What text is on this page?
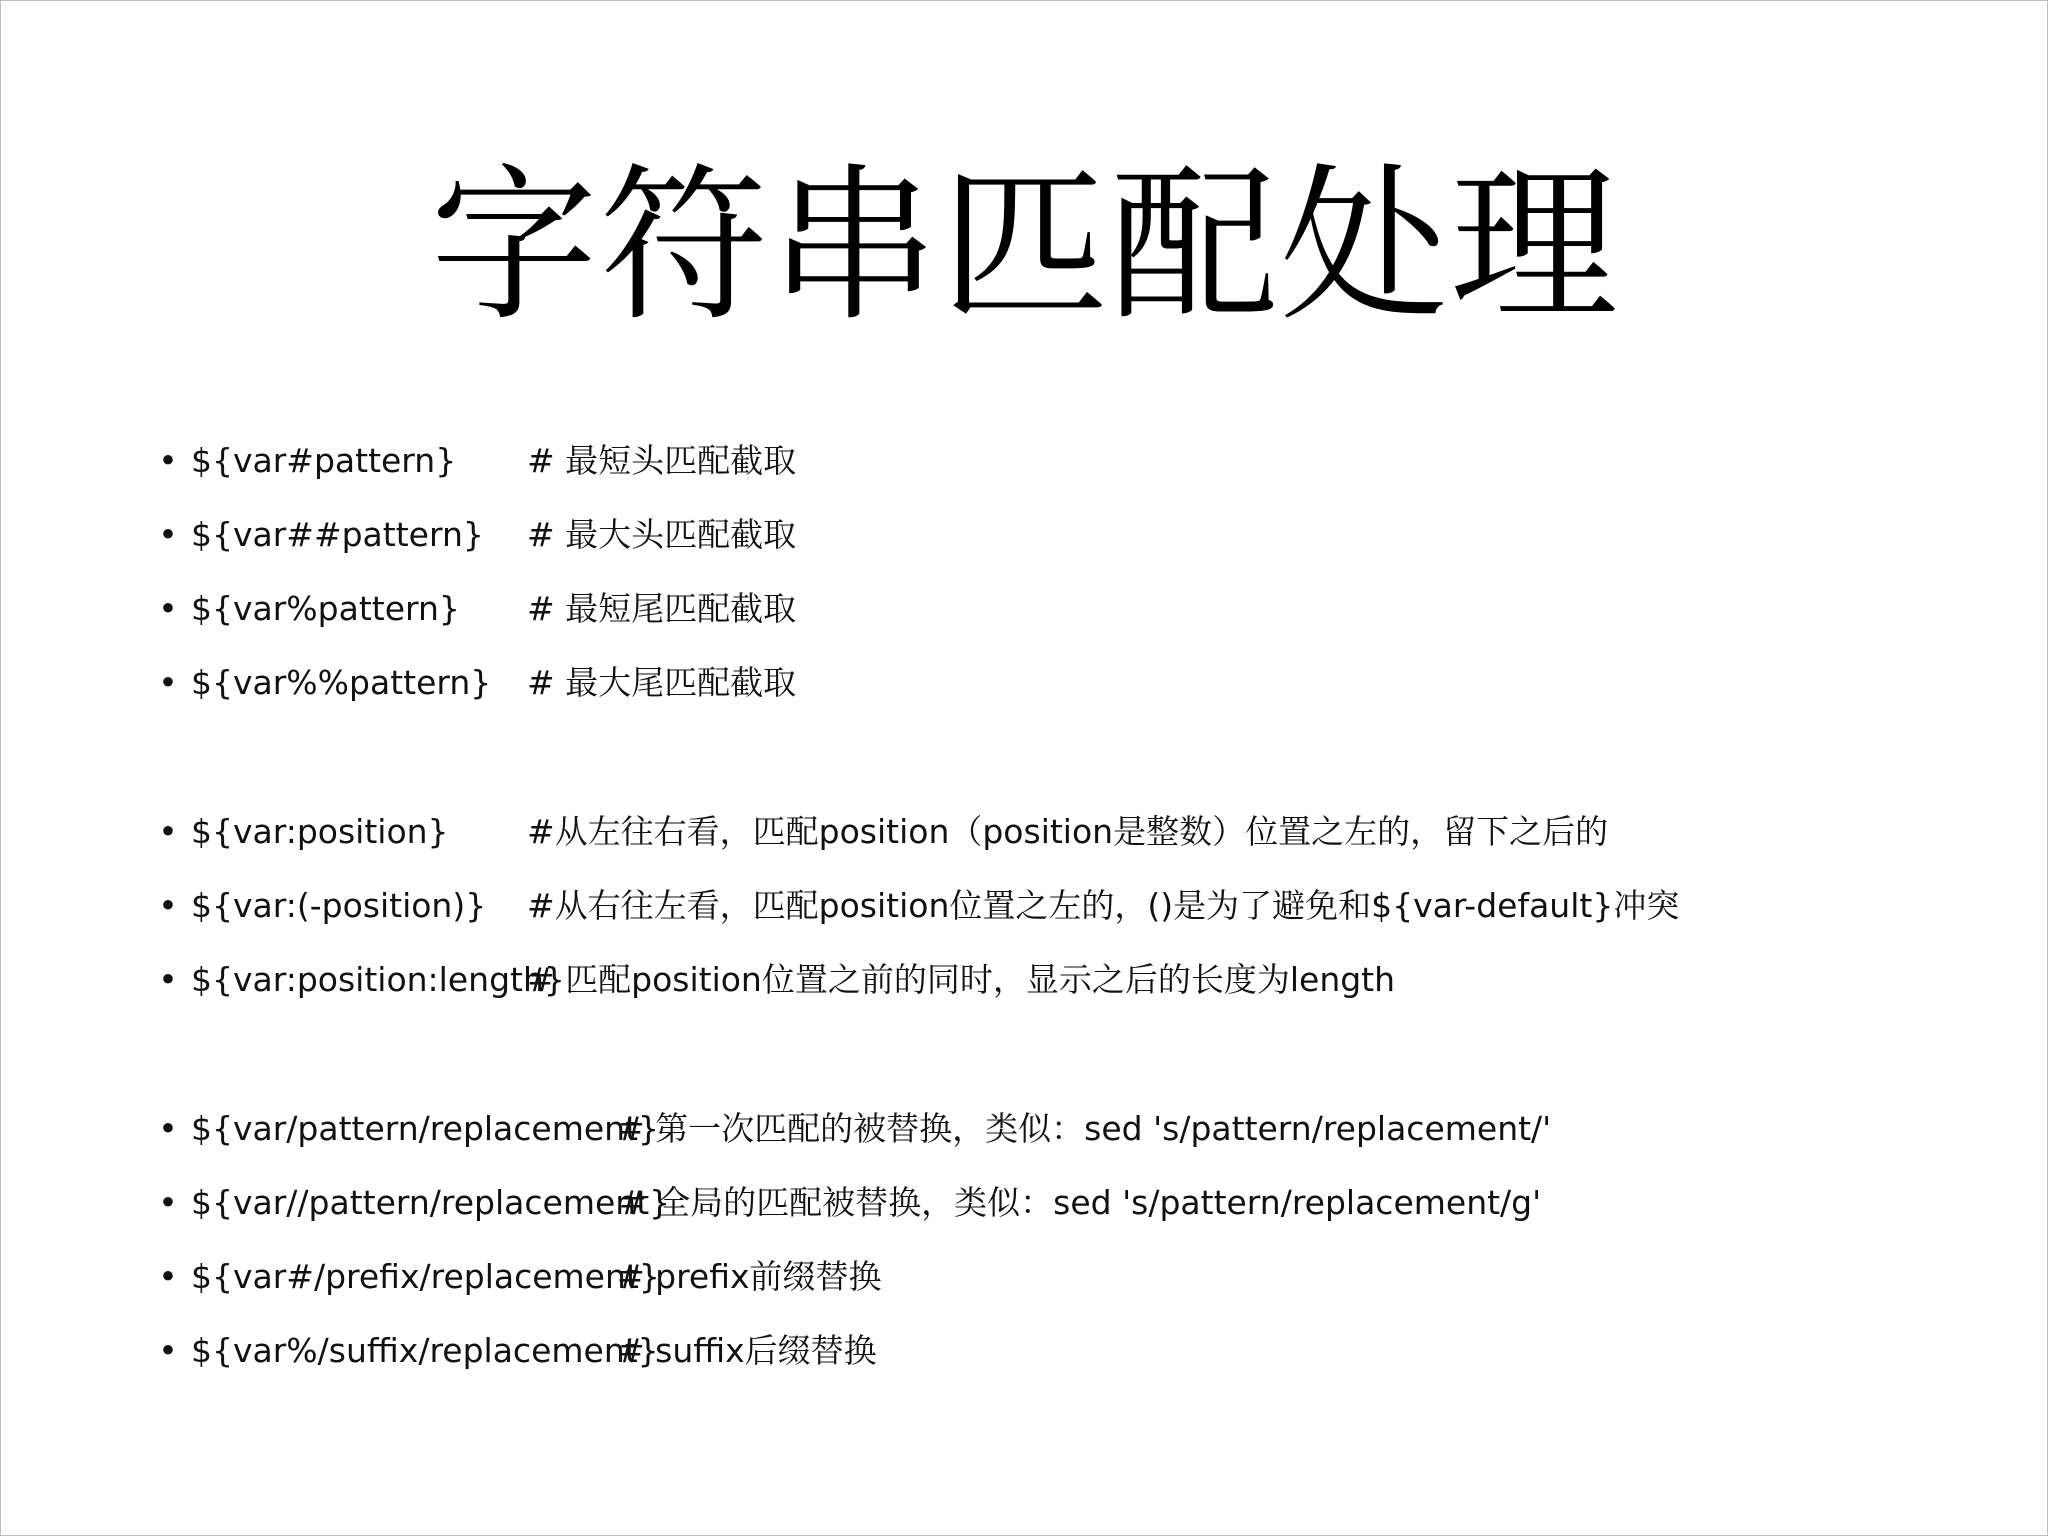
字符串匹配处理
• ${var#pattern} # 最短头匹配截取
• ${var##pattern} # 最大头匹配截取
• ${var%pattern} # 最短尾匹配截取
• ${var%%pattern} # 最大尾匹配截取
• ${var:position} #从左往右看，匹配position（position是整数）位置之左的，留下之后的
• ${var:(-position)} #从右往左看，匹配position位置之左的，()是为了避免和${var-default}冲突
• ${var:position:length}
# 匹配position位置之前的同时，显示之后的长度为length
• ${var/pattern/replacement}
# 第一次匹配的被替换，类似：sed 's/pattern/replacement/'
• ${var//pattern/replacement}
# 全局的匹配被替换，类似：sed 's/pattern/replacement/g'
• ${var#/prefix/replacement}
# prefix前缀替换
• ${var%/suffix/replacement}
# suffix后缀替换
